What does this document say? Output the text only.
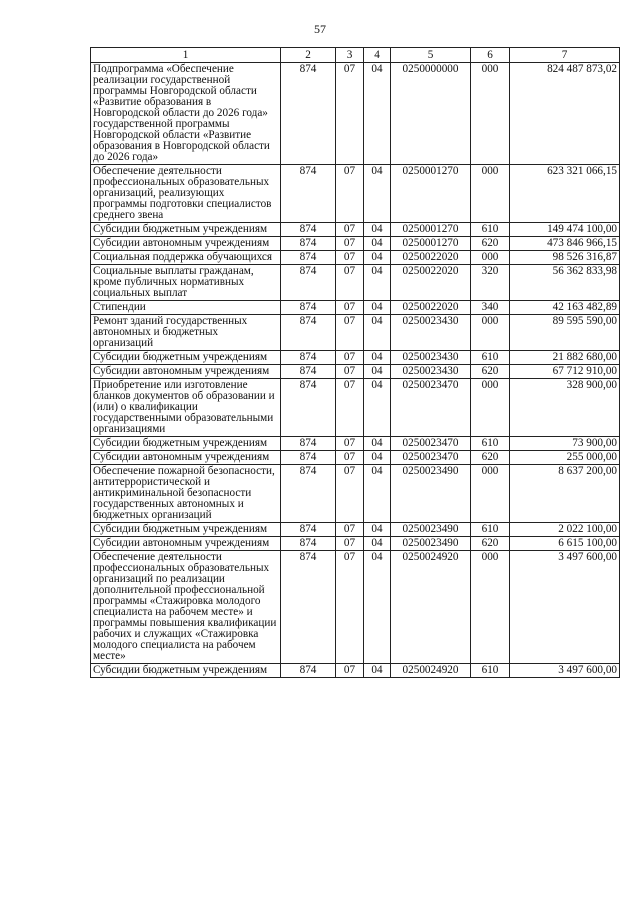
57
1	2	3	4	5	6	7
Подпрограмма «Обеспечение реализации государственной программы Новгородской области «Развитие образования в Новгородской области до 2026 года» государственной программы Новгородской области «Развитие образования в Новгородской области до 2026 года»	874	07	04	0250000000	000	824 487 873,02
Обеспечение деятельности профессиональных образовательных организаций, реализующих программы подготовки специалистов среднего звена	874	07	04	0250001270	000	623 321 066,15
Субсидии бюджетным учреждениям	874	07	04	0250001270	610	149 474 100,00
Субсидии автономным учреждениям	874	07	04	0250001270	620	473 846 966,15
Социальная поддержка обучающихся	874	07	04	0250022020	000	98 526 316,87
Социальные выплаты гражданам, кроме публичных нормативных социальных выплат	874	07	04	0250022020	320	56 362 833,98
Стипендии	874	07	04	0250022020	340	42 163 482,89
Ремонт зданий государственных автономных и бюджетных организаций	874	07	04	0250023430	000	89 595 590,00
Субсидии бюджетным учреждениям	874	07	04	0250023430	610	21 882 680,00
Субсидии автономным учреждениям	874	07	04	0250023430	620	67 712 910,00
Приобретение или изготовление бланков документов об образовании и (или) о квалификации государственными образовательными организациями	874	07	04	0250023470	000	328 900,00
Субсидии бюджетным учреждениям	874	07	04	0250023470	610	73 900,00
Субсидии автономным учреждениям	874	07	04	0250023470	620	255 000,00
Обеспечение пожарной безопасности, антитеррористической и антикриминальной безопасности государственных автономных и бюджетных организаций	874	07	04	0250023490	000	8 637 200,00
Субсидии бюджетным учреждениям	874	07	04	0250023490	610	2 022 100,00
Субсидии автономным учреждениям	874	07	04	0250023490	620	6 615 100,00
Обеспечение деятельности профессиональных образовательных организаций по реализации дополнительной профессиональной программы «Стажировка молодого специалиста на рабочем месте» и программы повышения квалификации рабочих и служащих «Стажировка молодого специалиста на рабочем месте»	874	07	04	0250024920	000	3 497 600,00
Субсидии бюджетным учреждениям	874	07	04	0250024920	610	3 497 600,00
